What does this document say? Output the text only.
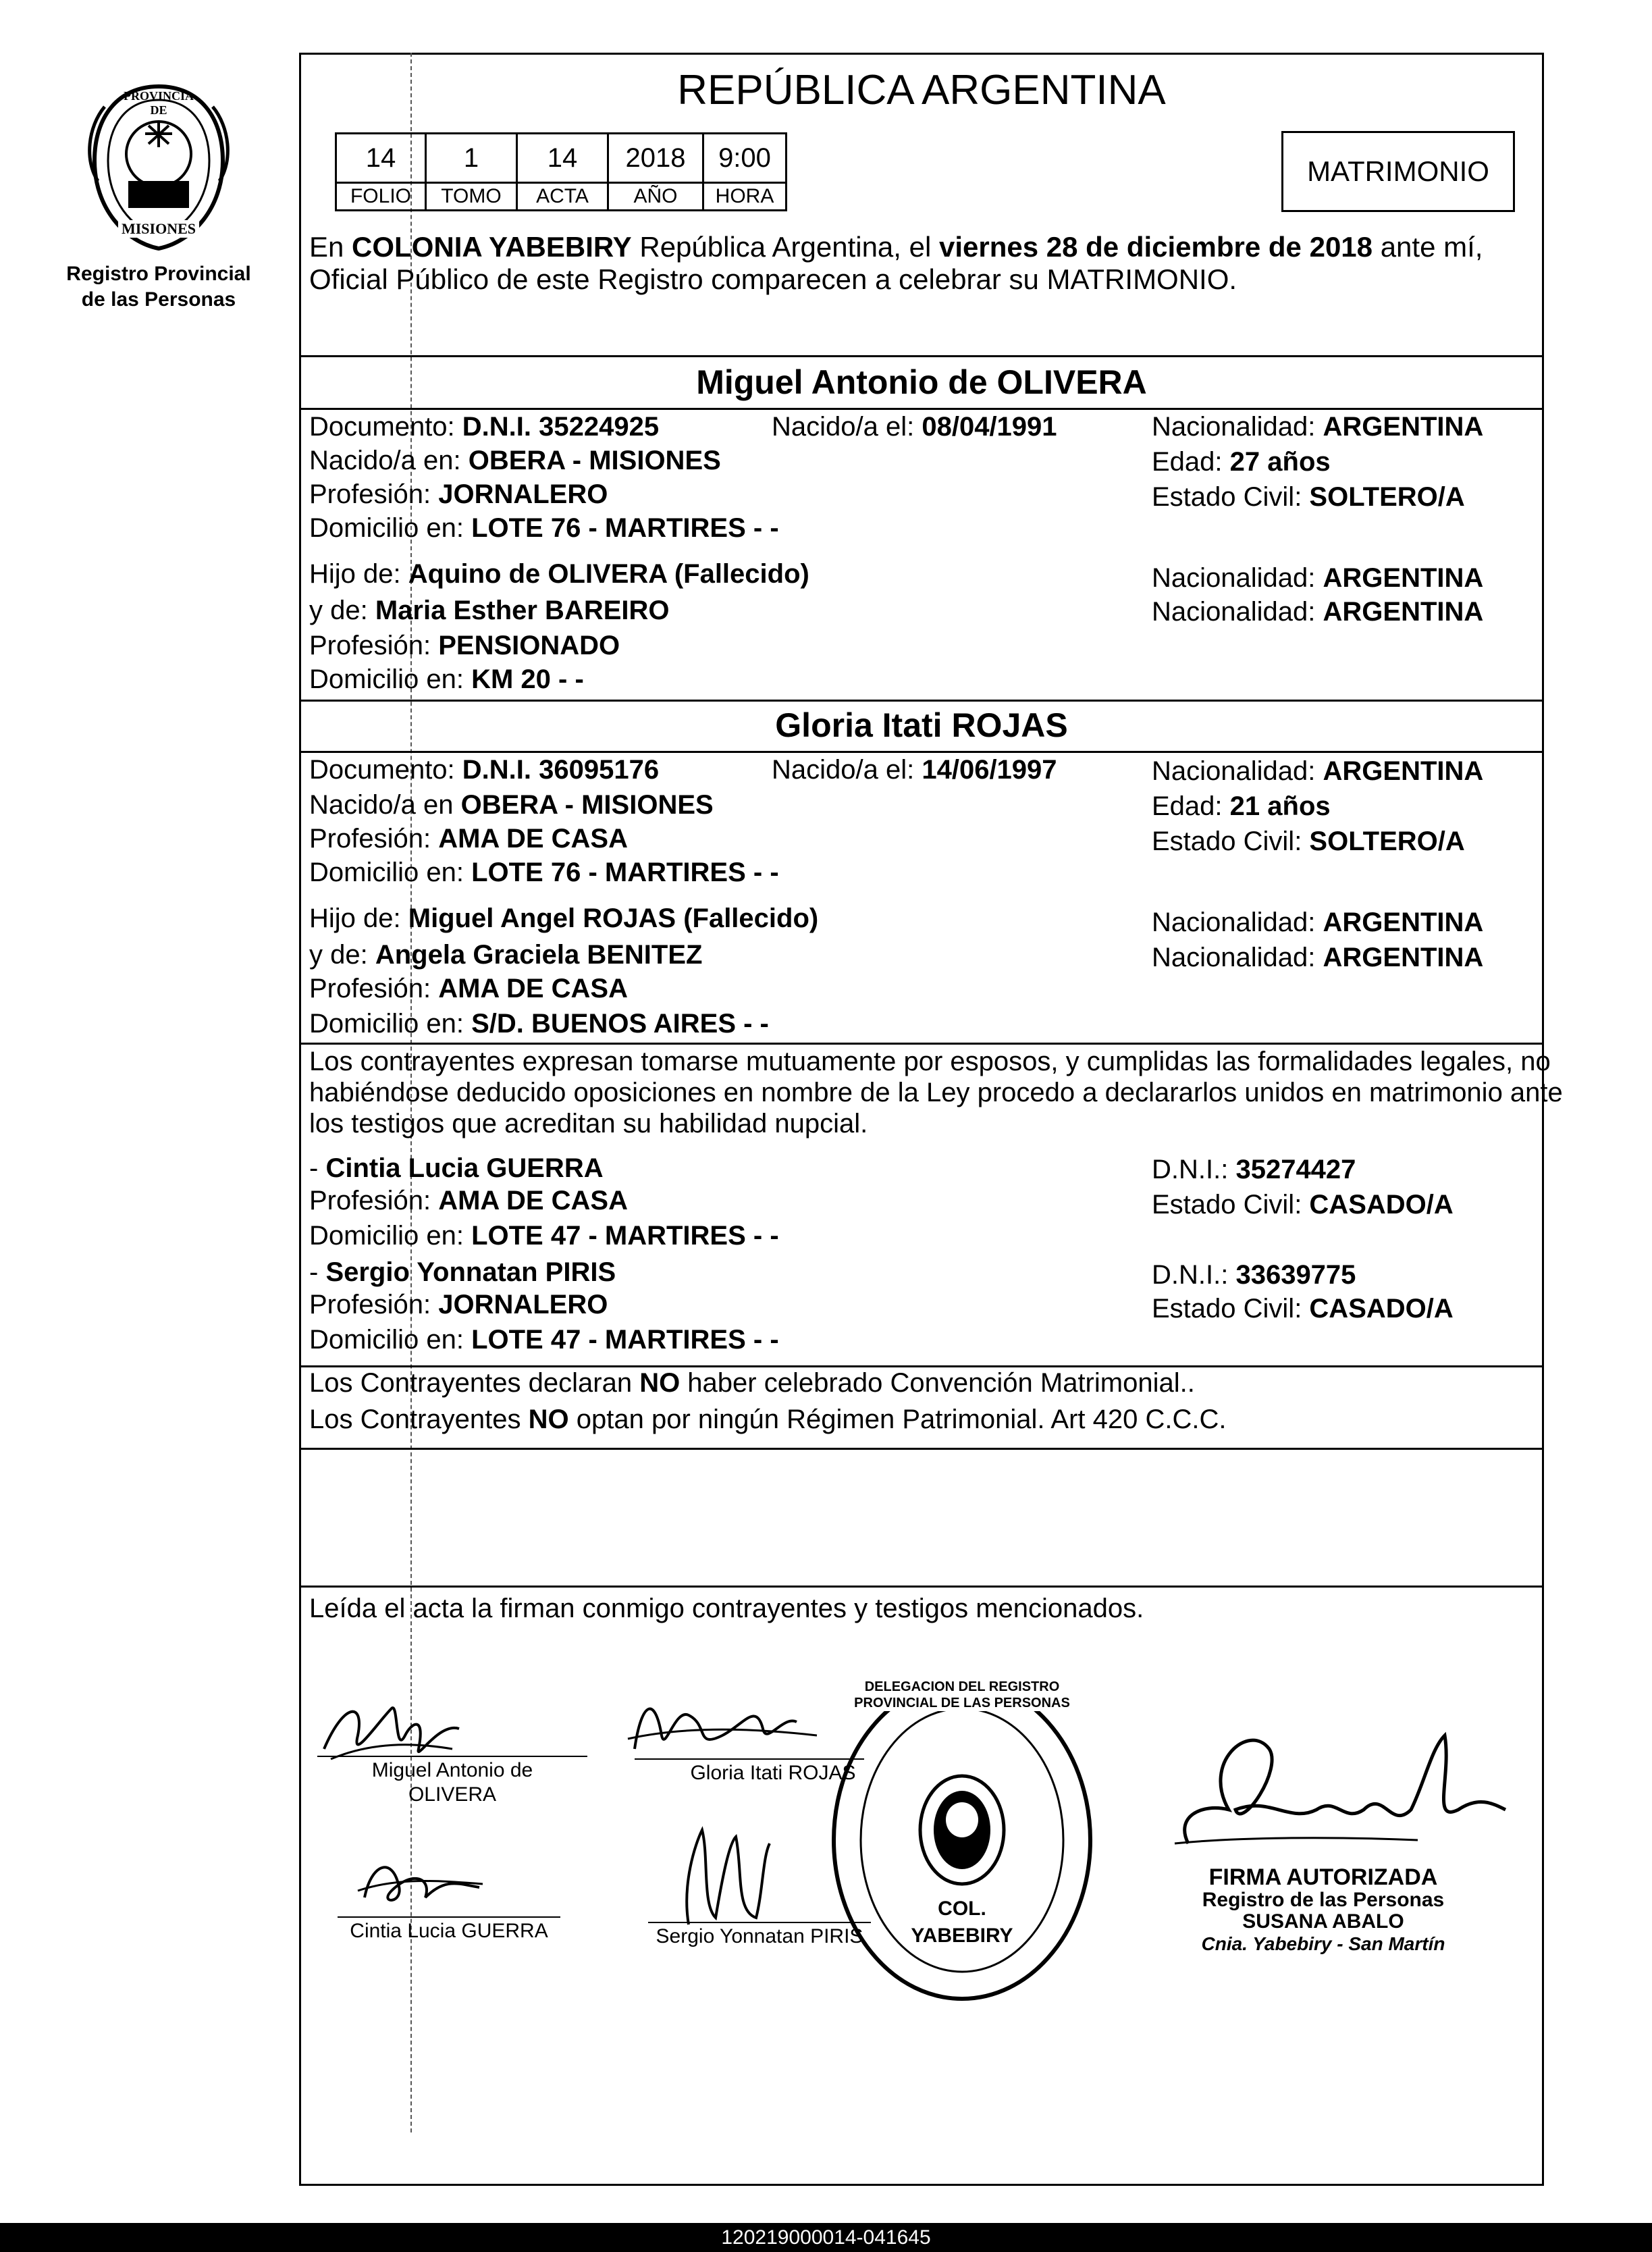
PROVINCIA DE
MISIONES
Registro Provincial
de las Personas
REPÚBLICA ARGENTINA
14	1	14	2018	9:00
FOLIO	TOMO	ACTA	AÑO	HORA
MATRIMONIO
En COLONIA YABEBIRY República Argentina, el viernes 28 de diciembre de 2018 ante mí,
Oficial Público de este Registro comparecen a celebrar su MATRIMONIO.
Miguel Antonio de OLIVERA
Documento: D.N.I. 35224925	Nacido/a el: 08/04/1991	Nacionalidad: ARGENTINA
Nacido/a en: OBERA - MISIONES	Edad: 27 años
Profesión: JORNALERO	Estado Civil: SOLTERO/A
Domicilio en: LOTE 76 - MARTIRES - -
Hijo de: Aquino de OLIVERA (Fallecido)	Nacionalidad: ARGENTINA
y de: Maria Esther BAREIRO	Nacionalidad: ARGENTINA
Profesión: PENSIONADO
Domicilio en: KM 20 - -
Gloria Itati ROJAS
Documento: D.N.I. 36095176	Nacido/a el: 14/06/1997	Nacionalidad: ARGENTINA
Nacido/a en OBERA - MISIONES	Edad: 21 años
Profesión: AMA DE CASA	Estado Civil: SOLTERO/A
Domicilio en: LOTE 76 - MARTIRES - -
Hijo de: Miguel Angel ROJAS (Fallecido)	Nacionalidad: ARGENTINA
y de: Angela Graciela BENITEZ	Nacionalidad: ARGENTINA
Profesión: AMA DE CASA
Domicilio en: S/D. BUENOS AIRES - -
Los contrayentes expresan tomarse mutuamente por esposos, y cumplidas las formalidades legales, no
habiéndose deducido oposiciones en nombre de la Ley procedo a declararlos unidos en matrimonio ante
los testigos que acreditan su habilidad nupcial.
- Cintia Lucia GUERRA	D.N.I.: 35274427
Profesión: AMA DE CASA	Estado Civil: CASADO/A
Domicilio en: LOTE 47 - MARTIRES - -
- Sergio Yonnatan PIRIS	D.N.I.: 33639775
Profesión: JORNALERO	Estado Civil: CASADO/A
Domicilio en: LOTE 47 - MARTIRES - -
Los Contrayentes declaran NO haber celebrado Convención Matrimonial..
Los Contrayentes NO optan por ningún Régimen Patrimonial. Art 420 C.C.C.
Leída el acta la firman conmigo contrayentes y testigos mencionados.
Miguel Antonio de
OLIVERA
Gloria Itati ROJAS
Cintia Lucia GUERRA	Sergio Yonnatan PIRIS
DELEGACION DEL REGISTRO PROVINCIAL DE LAS PERSONAS
COL.
YABEBIRY
FIRMA AUTORIZADA
Registro de las Personas
SUSANA ABALO
Cnia. Yabebiry - San Martín
120219000014-041645
